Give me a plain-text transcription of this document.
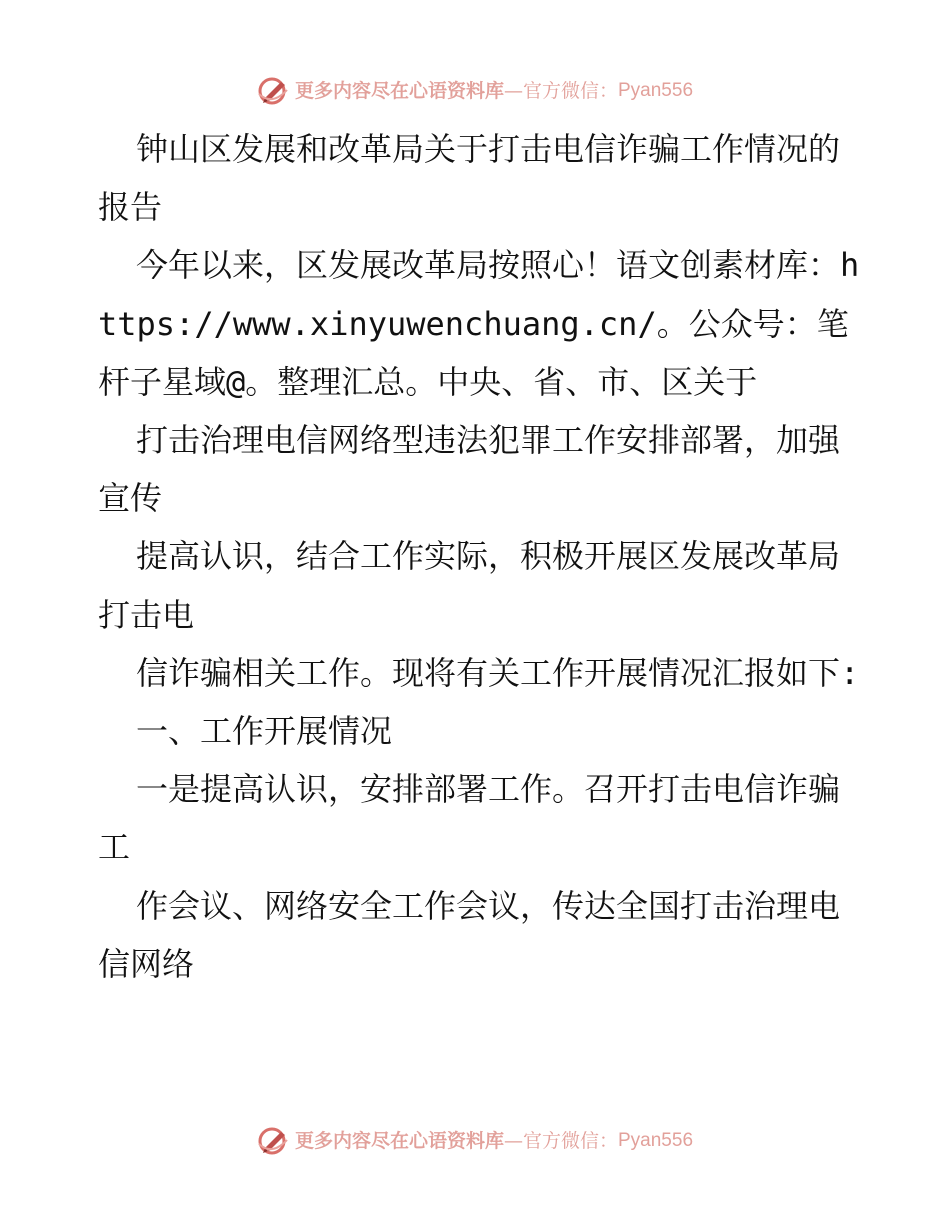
更多内容尽在心语资料库 — 官方微信： Pyan556

钟山区发展和改革局关于打击电信诈骗工作情况的报告

今年以来，区发展改革局按照心！语文创素材库：https://www.xinyuwenchuang.cn/。公众号：笔杆子星域@。整理汇总。中央、省、市、区关于

打击治理电信网络型违法犯罪工作安排部署，加强宣传

提高认识，结合工作实际，积极开展区发展改革局打击电

信诈骗相关工作。现将有关工作开展情况汇报如下:

一、工作开展情况

一是提高认识，安排部署工作。召开打击电信诈骗工

作会议、网络安全工作会议，传达全国打击治理电信网络

更多内容尽在心语资料库 — 官方微信： Pyan556
